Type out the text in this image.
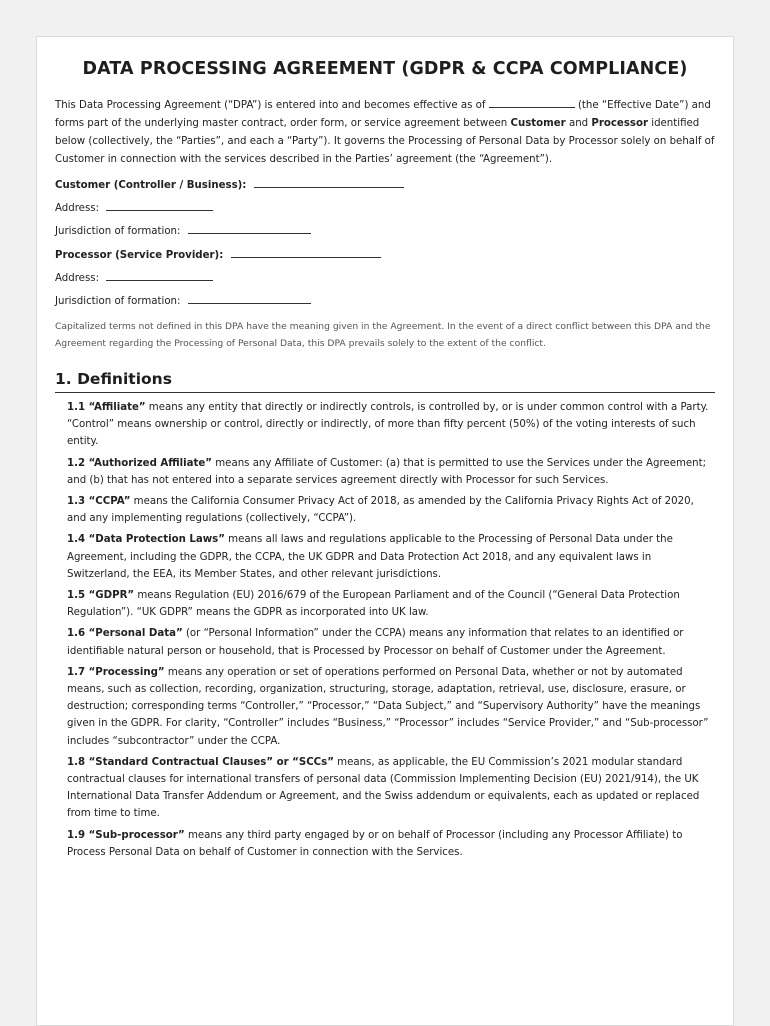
DATA PROCESSING AGREEMENT (GDPR & CCPA COMPLIANCE)

This Data Processing Agreement (“DPA”) is entered into and becomes effective as of	(the “Effective Date”) and forms part of the underlying master contract, order form, or service agreement between Customer and Processor identified below (collectively, the “Parties”, and each a “Party”). It governs the Processing of Personal Data by Processor solely on behalf of Customer in connection with the services described in the Parties’ agreement (the “Agreement”).

Customer (Controller / Business):
Address:
Jurisdiction of formation:
Processor (Service Provider):
Address:
Jurisdiction of formation:

Capitalized terms not defined in this DPA have the meaning given in the Agreement. In the event of a direct conflict between this DPA and the Agreement regarding the Processing of Personal Data, this DPA prevails solely to the extent of the conflict.

1. Definitions

1.1 “Affiliate” means any entity that directly or indirectly controls, is controlled by, or is under common control with a Party. “Control” means ownership or control, directly or indirectly, of more than fifty percent (50%) of the voting interests of such entity.

1.2 “Authorized Affiliate” means any Affiliate of Customer: (a) that is permitted to use the Services under the Agreement; and (b) that has not entered into a separate services agreement directly with Processor for such Services.

1.3 “CCPA” means the California Consumer Privacy Act of 2018, as amended by the California Privacy Rights Act of 2020, and any implementing regulations (collectively, “CCPA”).

1.4 “Data Protection Laws” means all laws and regulations applicable to the Processing of Personal Data under the Agreement, including the GDPR, the CCPA, the UK GDPR and Data Protection Act 2018, and any equivalent laws in Switzerland, the EEA, its Member States, and other relevant jurisdictions.

1.5 “GDPR” means Regulation (EU) 2016/679 of the European Parliament and of the Council (“General Data Protection Regulation”). “UK GDPR” means the GDPR as incorporated into UK law.

1.6 “Personal Data” (or “Personal Information” under the CCPA) means any information that relates to an identified or identifiable natural person or household, that is Processed by Processor on behalf of Customer under the Agreement.

1.7 “Processing” means any operation or set of operations performed on Personal Data, whether or not by automated means, such as collection, recording, organization, structuring, storage, adaptation, retrieval, use, disclosure, erasure, or destruction; corresponding terms “Controller,” “Processor,” “Data Subject,” and “Supervisory Authority” have the meanings given in the GDPR. For clarity, “Controller” includes “Business,” “Processor” includes “Service Provider,” and “Sub-processor” includes “subcontractor” under the CCPA.

1.8 “Standard Contractual Clauses” or “SCCs” means, as applicable, the EU Commission’s 2021 modular standard contractual clauses for international transfers of personal data (Commission Implementing Decision (EU) 2021/914), the UK International Data Transfer Addendum or Agreement, and the Swiss addendum or equivalents, each as updated or replaced from time to time.

1.9 “Sub-processor” means any third party engaged by or on behalf of Processor (including any Processor Affiliate) to Process Personal Data on behalf of Customer in connection with the Services.
